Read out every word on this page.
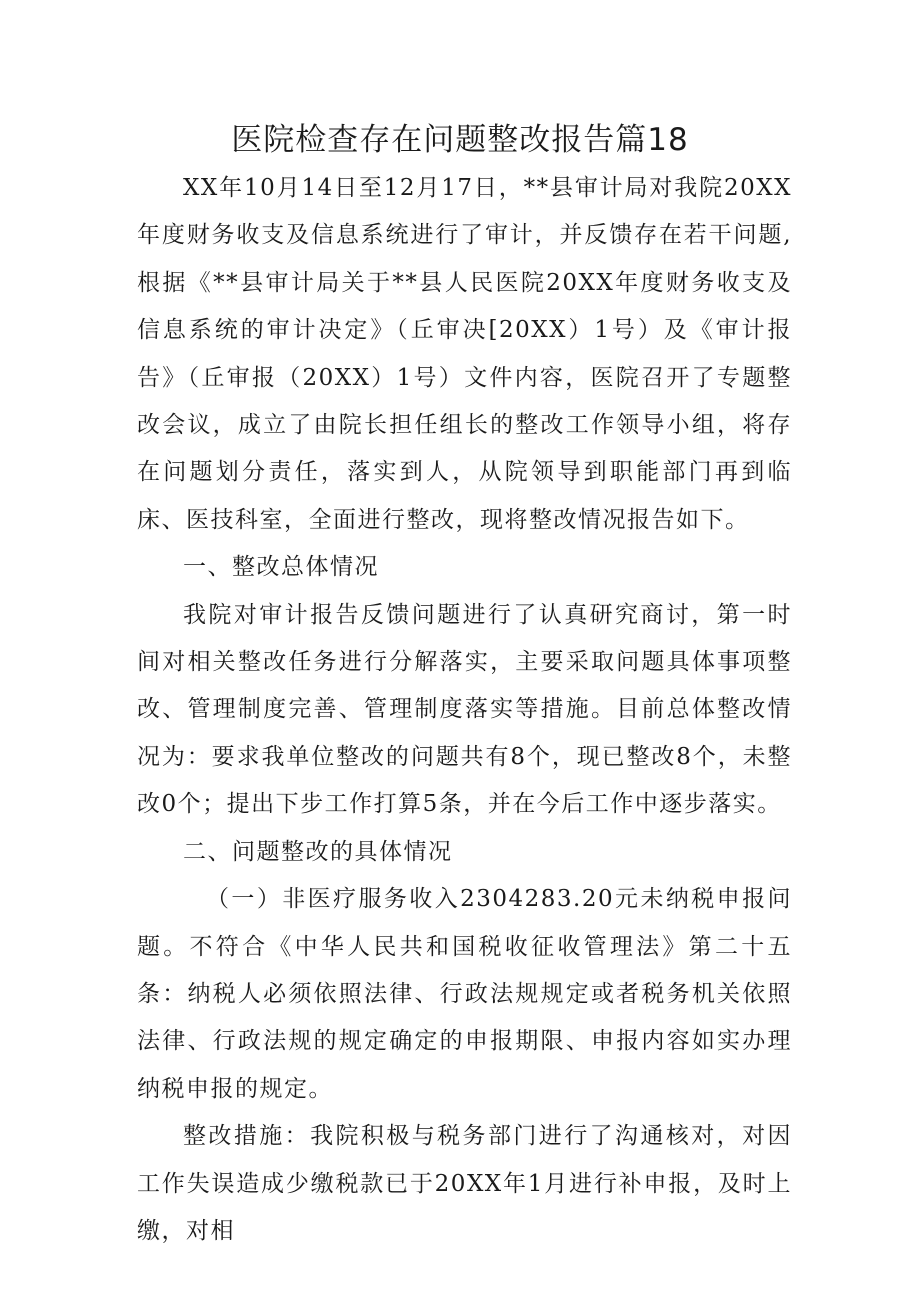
医院检查存在问题整改报告篇18

XX年10月14日至12月17日，**县审计局对我院20XX年度财务收支及信息系统进行了审计，并反馈存在若干问题,根据《**县审计局关于**县人民医院20XX年度财务收支及信息系统的审计决定》（丘审决[20XX）1号）及《审计报告》（丘审报（20XX）1号）文件内容，医院召开了专题整改会议，成立了由院长担任组长的整改工作领导小组，将存在问题划分责任，落实到人，从院领导到职能部门再到临床、医技科室，全面进行整改，现将整改情况报告如下。

一、整改总体情况

我院对审计报告反馈问题进行了认真研究商讨，第一时间对相关整改任务进行分解落实，主要采取问题具体事项整改、管理制度完善、管理制度落实等措施。目前总体整改情况为：要求我单位整改的问题共有8个，现已整改8个，未整改0个；提出下步工作打算5条，并在今后工作中逐步落实。

二、问题整改的具体情况

（一）非医疗服务收入2304283.20元未纳税申报问题。不符合《中华人民共和国税收征收管理法》第二十五条：纳税人必须依照法律、行政法规规定或者税务机关依照法律、行政法规的规定确定的申报期限、申报内容如实办理纳税申报的规定。

整改措施：我院积极与税务部门进行了沟通核对，对因工作失误造成少缴税款已于20XX年1月进行补申报，及时上缴，对相
